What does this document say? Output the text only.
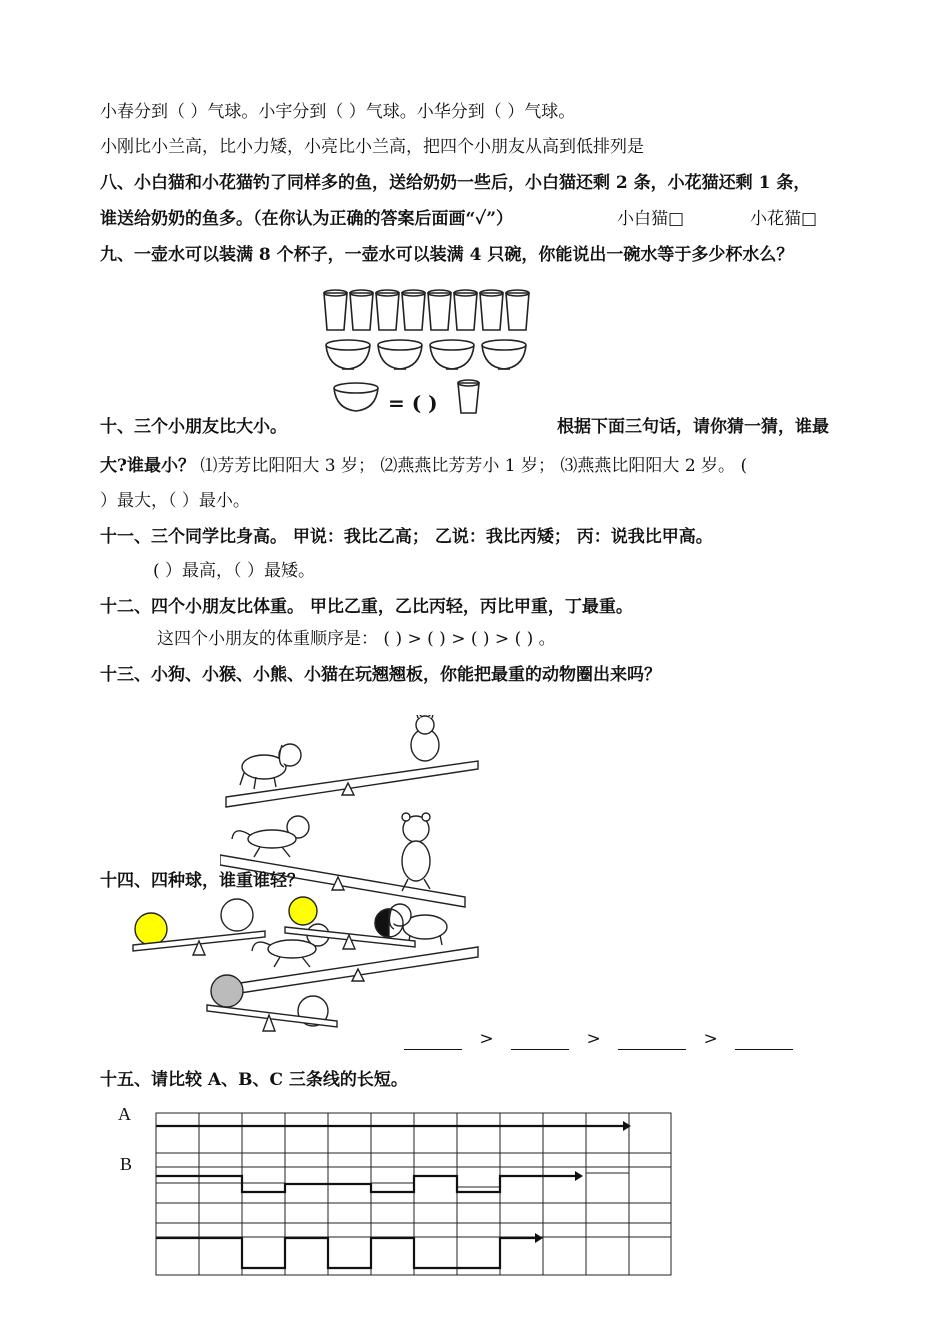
小春分到（ ）气球。小宇分到（ ）气球。小华分到（ ）气球。
小刚比小兰高，比小力矮，小亮比小兰高，把四个小朋友从高到低排列是
八、小白猫和小花猫钓了同样多的鱼，送给奶奶一些后，小白猫还剩 2 条，小花猫还剩 1 条，
谁送给奶奶的鱼多。（在你认为正确的答案后面画“✓”）	小白猫□	小花猫□
九、一壶水可以装满 8 个杯子，一壶水可以装满 4 只碗，你能说出一碗水等于多少杯水么？
= ( )
十、三个小朋友比大小。	根据下面三句话，请你猜一猜，谁最
大?谁最小？ ⑴芳芳比阳阳大 3 岁； ⑵燕燕比芳芳小 1 岁； ⑶燕燕比阳阳大 2 岁。 (
）最大，（ ）最小。
十一、三个同学比身高。 甲说：我比乙高； 乙说：我比丙矮； 丙：说我比甲高。
( ）最高，（ ）最矮。
十二、四个小朋友比体重。 甲比乙重，乙比丙轻，丙比甲重，丁最重。
这四个小朋友的体重顺序是： ( ) > ( ) > ( ) > ( ) 。
十三、小狗、小猴、小熊、小猫在玩翘翘板，你能把最重的动物圈出来吗？
十四、四种球，谁重谁轻？
>	>	>
十五、请比较 A、B、C 三条线的长短。
A
B
